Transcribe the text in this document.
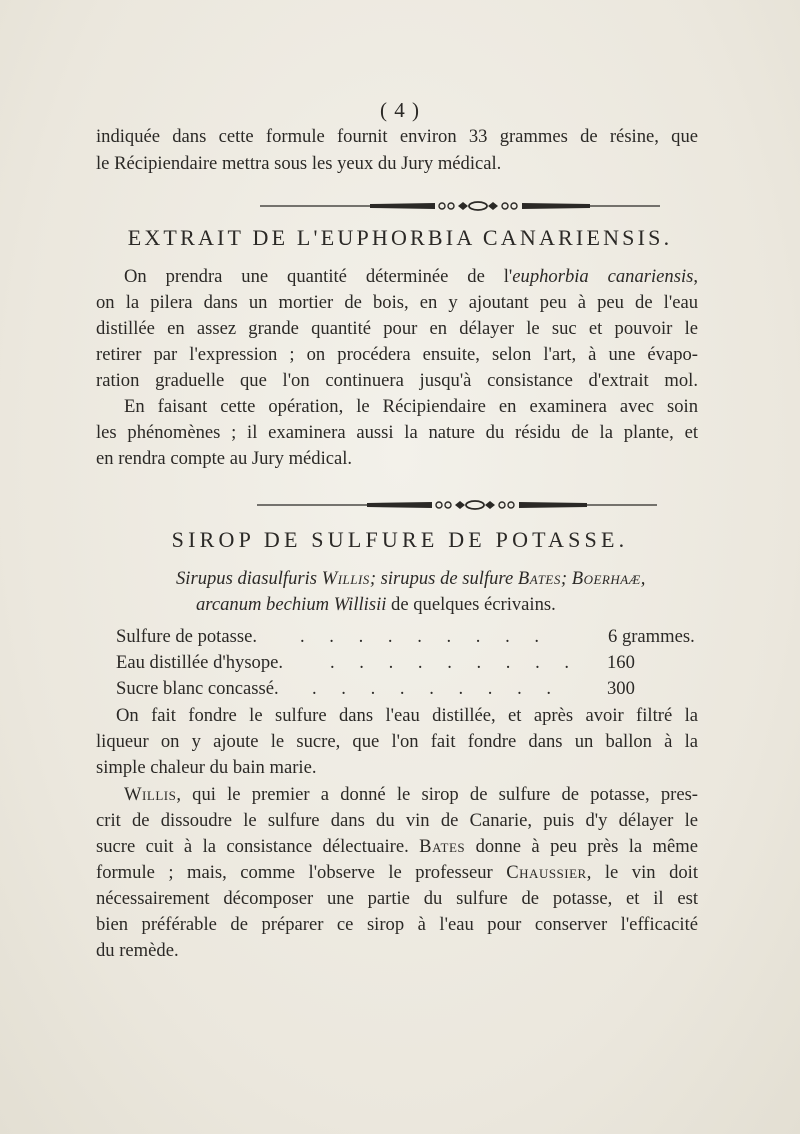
( 4 )
indiquée dans cette formule fournit environ 33 grammes de résine, que
le Récipiendaire mettra sous les yeux du Jury médical.
EXTRAIT DE L'EUPHORBIA CANARIENSIS.
On prendra une quantité déterminée de l'euphorbia canariensis,
on la pilera dans un mortier de bois, en y ajoutant peu à peu de l'eau
distillée en assez grande quantité pour en délayer le suc et pouvoir le
retirer par l'expression ; on procédera ensuite, selon l'art, à une évapo-
ration graduelle que l'on continuera jusqu'à consistance d'extrait mol.
En faisant cette opération, le Récipiendaire en examinera avec soin
les phénomènes ; il examinera aussi la nature du résidu de la plante, et
en rendra compte au Jury médical.
SIROP DE SULFURE DE POTASSE.
Sirupus diasulfuris Willis; sirupus de sulfure Bates; Boerhaæ,
arcanum bechium Willisii de quelques écrivains.
Sulfure de potasse. . . . . . . . . .	6 grammes.
Eau distillée d'hysope.	. . . . . . . . . 160
Sucre blanc concassé. . . . . . . . . . 300
On fait fondre le sulfure dans l'eau distillée, et après avoir filtré la
liqueur on y ajoute le sucre, que l'on fait fondre dans un ballon à la
simple chaleur du bain marie.
Willis, qui le premier a donné le sirop de sulfure de potasse, pres-
crit de dissoudre le sulfure dans du vin de Canarie, puis d'y délayer le
sucre cuit à la consistance délectuaire. Bates donne à peu près la même
formule ; mais, comme l'observe le professeur Chaussier, le vin doit
nécessairement décomposer une partie du sulfure de potasse, et il est
bien préférable de préparer ce sirop à l'eau pour conserver l'efficacité
du remède.
